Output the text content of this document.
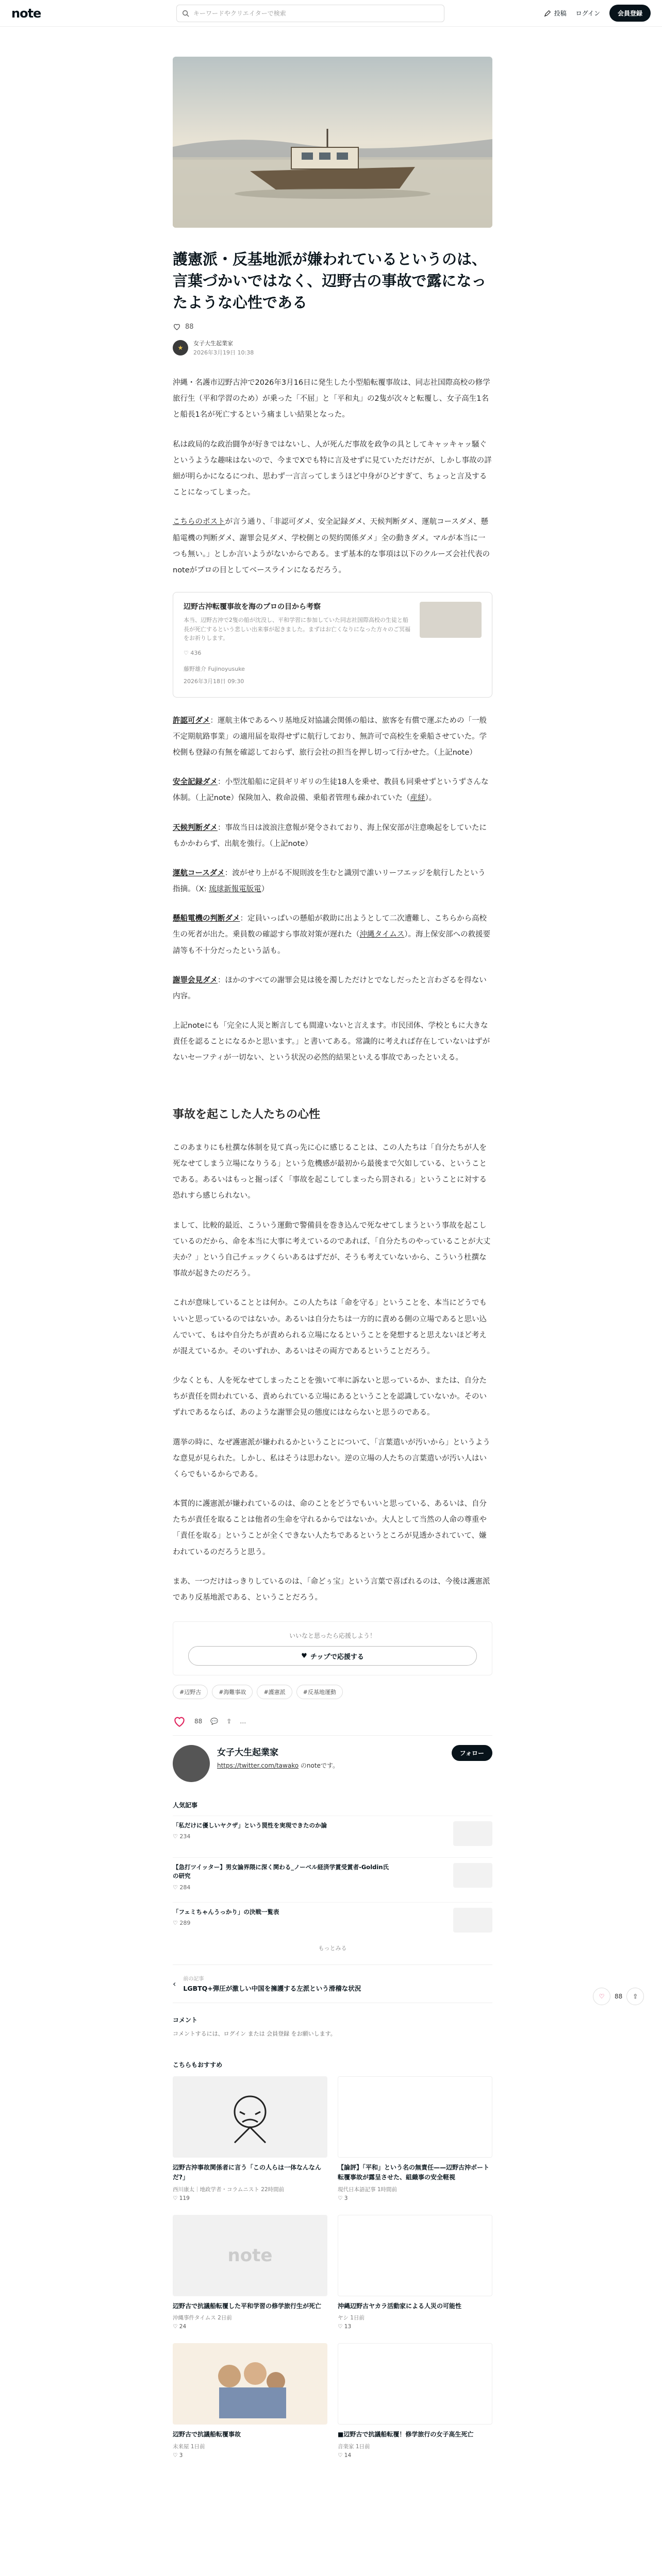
note	キーワードやクリエイターで検索	投稿 ログイン	会員登録
護憲派・反基地派が嫌われているというのは、言葉づかいではなく、辺野古の事故で露になったような心性である
88
★
女子大生起業家
2026年3月19日 10:38

沖縄・名護市辺野古沖で2026年3月16日に発生した小型船転覆事故は、同志社国際高校の修学旅行生（平和学習のため）が乗った「不屈」と「平和丸」の2隻が次々と転覆し、女子高生1名と船長1名が死亡するという痛ましい結果となった。

私は政局的な政治闘争が好きではないし、人が死んだ事故を政争の具としてキャッキャッ騒ぐというような趣味はないので、今までXでも特に言及せずに見ていただけだが、しかし事故の詳細が明らかになるにつれ、思わず一言言ってしまうほど中身がひどすぎて、ちょっと言及することになってしまった。

こちらのポストが言う通り、「非認可ダメ、安全記録ダメ、天候判断ダメ、運航コースダメ、懸船電機の判断ダメ、謝罪会見ダメ、学校側との契約関係ダメ」全の動きダメ。マルが本当に一つも無い。」としか言いようがないからである。まず基本的な事項は以下のクルーズ会社代表のnoteがプロの目としてベースラインになるだろう。

辺野古沖転覆事故を海のプロの目から考察
本当、辺野古沖で2隻の船が沈没し、平和学習に参加していた同志社国際高校の生徒と船長が死亡するという悲しい出来事が起きました。まずはお亡くなりになった方々のご冥福をお祈りします。
♡ 436
藤野雄介 Fujinoyusuke
2026年3月18日 09:30

許認可ダメ：運航主体であるヘリ基地反対協議会関係の船は、旅客を有償で運ぶための「一般不定期航路事業」の適用届を取得せずに航行しており、無許可で高校生を乗船させていた。学校側も登録の有無を確認しておらず、旅行会社の担当を押し切って行かせた。（上記note）

安全記録ダメ：小型沈船船に定員ギリギリの生徒18人を乗せ、教員も同乗せずというずさんな体制。（上記note）保険加入、救命設備、乗船者管理も疎かれていた（産経）。

天候判断ダメ：事故当日は波浪注意報が発令されており、海上保安部が注意喚起をしていたにもかかわらず、出航を強行。（上記note）

運航コースダメ：波がせり上がる不規則波を生むと識別で誰いリーフエッジを航行したという指摘。（X: 琉球新報電版電）

懸船電機の判断ダメ：定員いっぱいの懸船が救助に出ようとして二次遭難し、こちらから高校生の死者が出た。乗員数の確認すら事故対策が遅れた（沖縄タイムス）。海上保安部への救援要請等も不十分だったという話も。

謝罪会見ダメ：ほかのすべての謝罪会見は後を濁しただけとでなしだったと言わざるを得ない内容。

上記noteにも「完全に人災と断言しても間違いないと言えます。市民団体、学校ともに大きな責任を認ることになるかと思います。」と書いてある。常識的に考えれば存在していないはずがないセーフティが一切ない、という状況の必然的結果といえる事故であったといえる。

事故を起こした人たちの心性

このあまりにも杜撰な体制を見て真っ先に心に感じることは、この人たちは「自分たちが人を死なせてしまう立場になりうる」という危機感が最初から最後まで欠如している、ということである。あるいはもっと掘っぽく「事故を起こしてしまったら罰される」ということに対する恐れすら感じられない。

まして、比較的最近、こういう運動で警備員を巻き込んで死なせてしまうという事故を起こしているのだから、命を本当に大事に考えているのであれば、「自分たちのやっていることが大丈夫か？」という自己チェックくらいあるはずだが、そうも考えていないから、こういう杜撰な事故が起きたのだろう。

これが意味していることとは何か。この人たちは「命を守る」ということを、本当にどうでもいいと思っているのではないか。あるいは自分たちは一方的に責める側の立場であると思い込んでいて、もはや自分たちが責められる立場になるということを発想すると思えないほど考えが混えているか。そのいずれか、あるいはその両方であるということだろう。

少なくとも、人を死なせてしまったことを強いて率に訴ないと思っているか、または、自分たちが責任を問われている、責められている立場にあるということを認識していないか。そのいずれであるならば、あのような謝罪会見の態度にはならないと思うのである。

選挙の時に、なぜ護憲派が嫌われるかということについて、「言葉遣いが汚いから」というような意見が見られた。しかし、私はそうは思わない。逆の立場の人たちの言葉遣いが汚い人はいくらでもいるからである。

本質的に護憲派が嫌われているのは、命のことをどうでもいいと思っている、あるいは、自分たちが責任を取ることは他者の生命を守れるからではないか。大人として当然の人命の尊重や「責任を取る」ということが全くできない人たちであるというところが見透かされていて、嫌われているのだろうと思う。

まあ、一つだけはっきりしているのは、「命どぅ宝」という言葉で喜ばれるのは、今後は護憲派であり反基地派である、ということだろう。

いいなと思ったら応援しよう！
♥ チップで応援する
#辺野古	#海難事故	#護憲派	#反基地運動
88 💬 ⇪ …
女子大生起業家
https://twitter.com/tawako のnoteです。
フォロー
人気記事
「私だけに優しいヤクザ」という罠性を実現できたのか論
♡ 234
【急打ツイッター】男女論界隈に深く関わる_ノーベル経済学賞受賞者-Goldin氏の研究
♡ 284
「フェミちゃんうっかり」の決戦一覧表
♡ 289
もっとみる
‹ 前の記事
LGBTQ+弾圧が激しい中国を擁護する左派という滑稽な状況
コメント
コメントするには、ログイン または 会員登録 をお願いします。
こちらもおすすめ
辺野古沖事故関係者に言う「この人らは一体なんなんだ?」
西川康太｜地政学者・コラムニスト 22時間前
♡ 119
【論評】「平和」という名の無責任——辺野古沖ボート転覆事故が露呈させた、組織事の安全軽視
現代日本語記事 1時間前
♡ 3
note
辺野古で抗議船転覆した平和学習の修学旅行生が死亡
沖縄事件タイムス 2日前
♡ 24
沖縄辺野古ヤカラ活動家による人災の可能性
ヤシ 1日前
♡ 13
辺野古で抗議船転覆事故
未来屋 1日前
♡ 3
■辺野古で抗議船転覆！修学旅行の女子高生死亡
音楽家 1日前
♡ 14
♡ 88 ⇪
